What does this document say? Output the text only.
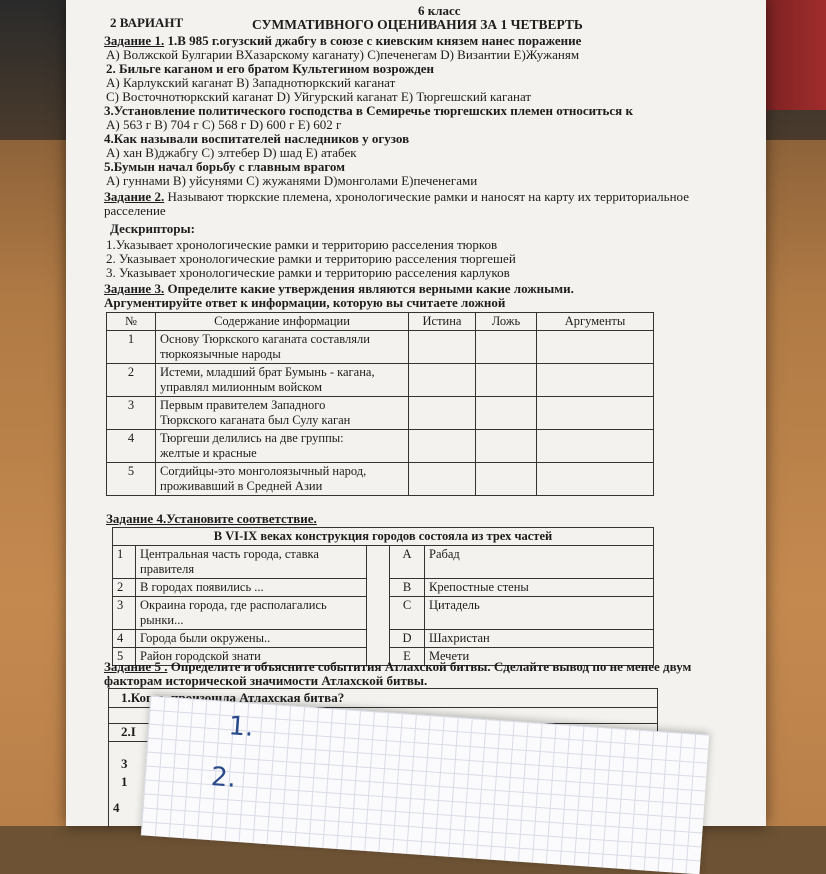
6 класс
СУММАТИВНОГО ОЦЕНИВАНИЯ ЗА 1 ЧЕТВЕРТЬ
2 ВАРИАНТ
Задание 1. 1.В 985 г.огузский джабгу в союзе с киевским князем нанес поражение
А) Волжской Булгарии ВХазарскому каганату) С)печенегам D) Византии Е)Жужаням
2. Бильге каганом и его братом Культегином возрожден
А) Карлукский каганат В) Западнотюркский каганат
С) Восточнотюркский каганат D) Уйгурский каганат Е) Тюргешский каганат
3.Установление политического господства в Семиречье тюргешских племен относиться к
А) 563 г В) 704 г С) 568 г D) 600 г Е) 602 г
4.Как называли воспитателей наследников у огузов
А) хан В)джабгу С) элтебер D) шад Е) атабек
5.Бумын начал борьбу с главным врагом
А) гуннами В) уйсунями С) жужанями D)монголами Е)печенегами
Задание 2. Называют тюркские племена, хронологические рамки и наносят на карту их территориальное
расселение
Дескрипторы:
1.Указывает хронологические рамки и территорию расселения тюрков
2. Указывает хронологические рамки и территорию расселения тюргешей
3. Указывает хронологические рамки и территорию расселения карлуков
Задание 3. Определите какие утверждения являются верными какие ложными.
Аргументируйте ответ к информации, которую вы считаете ложной
№	Содержание информации	Истина	Ложь	Аргументы
1	Основу Тюркского каганата составляли
тюркоязычные народы			
2	Истеми, младший брат Бумынь - кагана,
управлял милионным войском			
3	Первым правителем Западного
Тюркского каганата был Сулу каган			
4	Тюргеши делились на две группы:
желтые и красные			
5	Согдийцы-это монголоязычный народ,
проживавший в Средней Азии			
Задание 4.Установите соответствие.
В VI-IX веках конструкция городов состояла из трех частей				
1	Центральная часть города, ставка правителя		А	Рабад
2	В городах появились ...		В	Крепостные стены
3	Окраина города, где располагались рынки...		С	Цитадель
4	Города были окружены..		D	Шахристан
5	Район городской знати		Е	Мечети
Задание 5 . Определите и объясните событития Атлахской битвы. Сделайте вывод по не менее двум
факторам исторической значимости Атлахской битвы.
1.Когда, произошла Атлахская битва?
2.I
3
1
4
1.
2.
